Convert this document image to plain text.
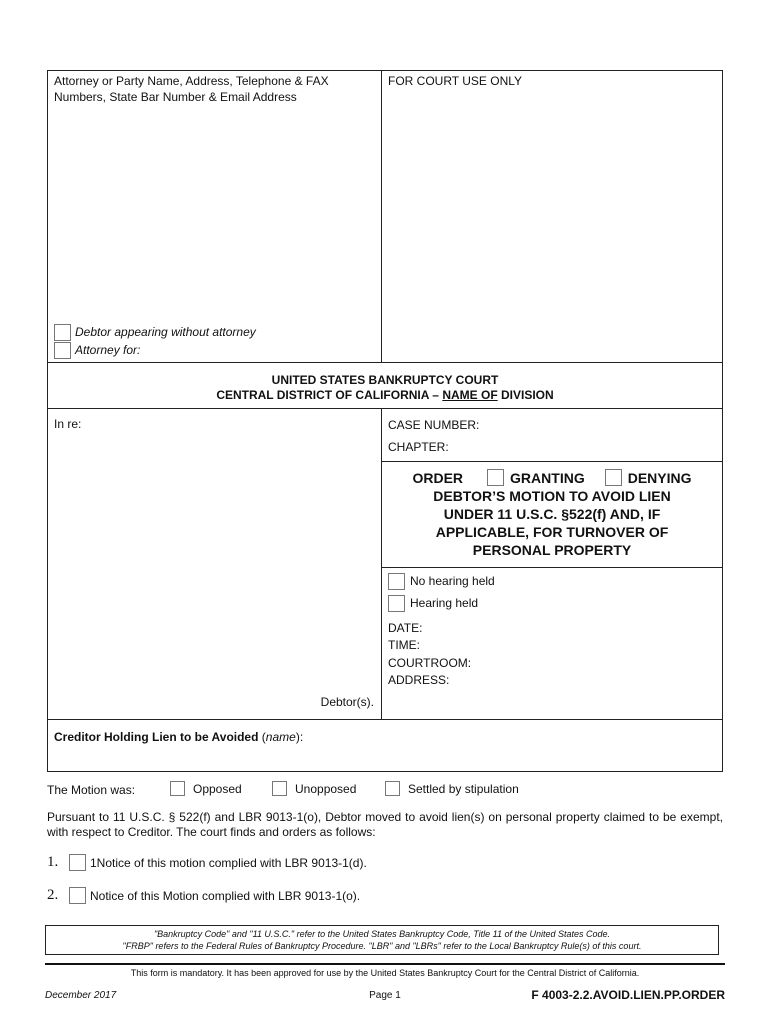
Attorney or Party Name, Address, Telephone & FAX Numbers, State Bar Number & Email Address
FOR COURT USE ONLY
Debtor appearing without attorney
Attorney for:
UNITED STATES BANKRUPTCY COURT
CENTRAL DISTRICT OF CALIFORNIA – NAME OF DIVISION
In re:	CASE NUMBER:
CHAPTER:
Debtor(s).
ORDER	GRANTING	DENYING
DEBTOR’S MOTION TO AVOID LIEN
UNDER 11 U.S.C. §522(f) AND, IF
APPLICABLE, FOR TURNOVER OF
PERSONAL PROPERTY
No hearing held
Hearing held
DATE:
TIME:
COURTROOM:
ADDRESS:
Creditor Holding Lien to be Avoided (name):
The Motion was:	Opposed	Unopposed	Settled by stipulation
Pursuant to 11 U.S.C. § 522(f) and LBR 9013-1(o), Debtor moved to avoid lien(s) on personal property claimed to be exempt, with respect to Creditor. The court finds and orders as follows:
1.	1Notice of this motion complied with LBR 9013-1(d).
2.	Notice of this Motion complied with LBR 9013-1(o).
"Bankruptcy Code" and "11 U.S.C." refer to the United States Bankruptcy Code, Title 11 of the United States Code.
"FRBP" refers to the Federal Rules of Bankruptcy Procedure. "LBR" and "LBRs" refer to the Local Bankruptcy Rule(s) of this court.
This form is mandatory. It has been approved for use by the United States Bankruptcy Court for the Central District of California.
December 2017	Page 1	F 4003-2.2.AVOID.LIEN.PP.ORDER
